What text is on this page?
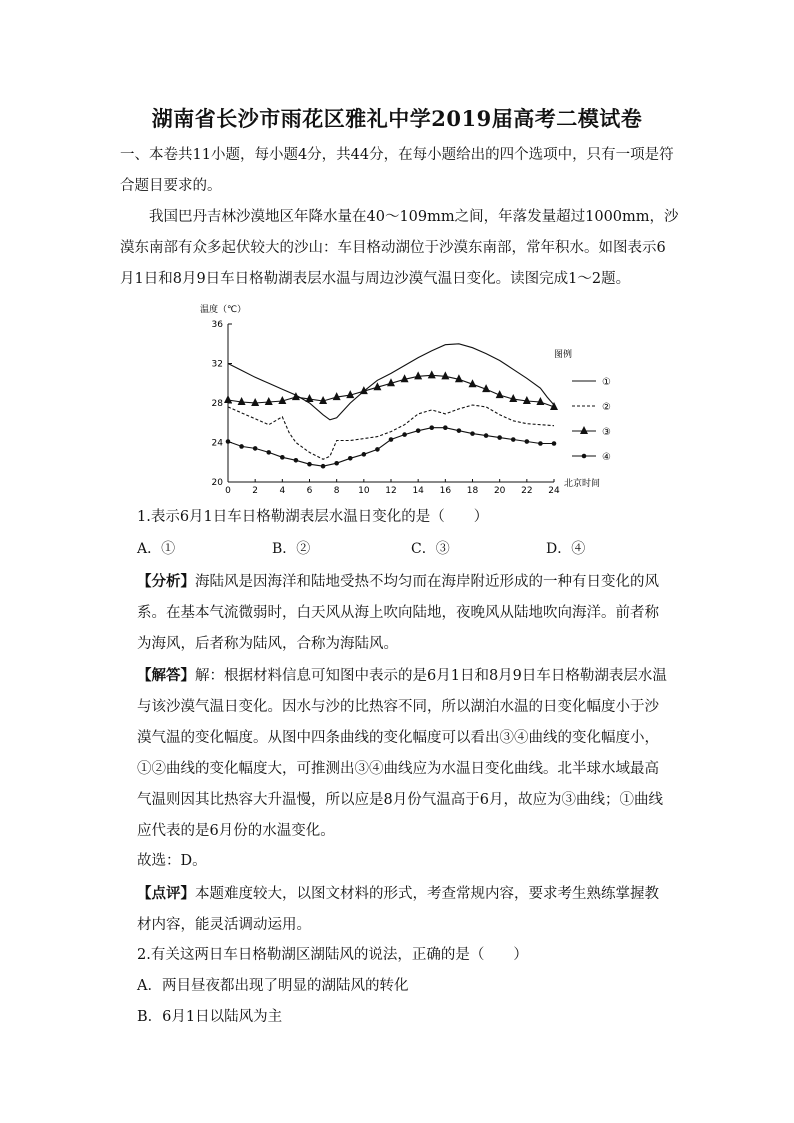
湖南省长沙市雨花区雅礼中学2019届高考二模试卷

一、本卷共11小题，每小题4分，共44分，在每小题给出的四个选项中，只有一项是符合题目要求的。

我国巴丹吉林沙漠地区年降水量在40～109mm之间，年落发量超过1000mm，沙漠东南部有众多起伏较大的沙山：车目格动湖位于沙漠东南部，常年积水。如图表示6月1日和8月9日车日格勒湖表层水温与周边沙漠气温日变化。读图完成1～2题。

温度（℃）
北京时间
图例
20
24
28
32
36
0 2 4 6 8 10 12 14 16 18 20 22 24
①
②
③
④

1.表示6月1日车日格勒湖表层水温日变化的是（　　）

A．①	B．②	C．③	D．④

【分析】海陆风是因海洋和陆地受热不均匀而在海岸附近形成的一种有日变化的风系。在基本气流微弱时，白天风从海上吹向陆地，夜晚风从陆地吹向海洋。前者称为海风，后者称为陆风，合称为海陆风。

【解答】解：根据材料信息可知图中表示的是6月1日和8月9日车日格勒湖表层水温与该沙漠气温日变化。因水与沙的比热容不同，所以湖泊水温的日变化幅度小于沙漠气温的变化幅度。从图中四条曲线的变化幅度可以看出③④曲线的变化幅度小，①②曲线的变化幅度大，可推测出③④曲线应为水温日变化曲线。北半球水域最高气温则因其比热容大升温慢，所以应是8月份气温高于6月，故应为③曲线；①曲线应代表的是6月份的水温变化。

故选：D。

【点评】本题难度较大，以图文材料的形式，考查常规内容，要求考生熟练掌握教材内容，能灵活调动运用。

2.有关这两日车日格勒湖区湖陆风的说法，正确的是（　　）

A．两目昼夜都出现了明显的湖陆风的转化

B．6月1日以陆风为主
